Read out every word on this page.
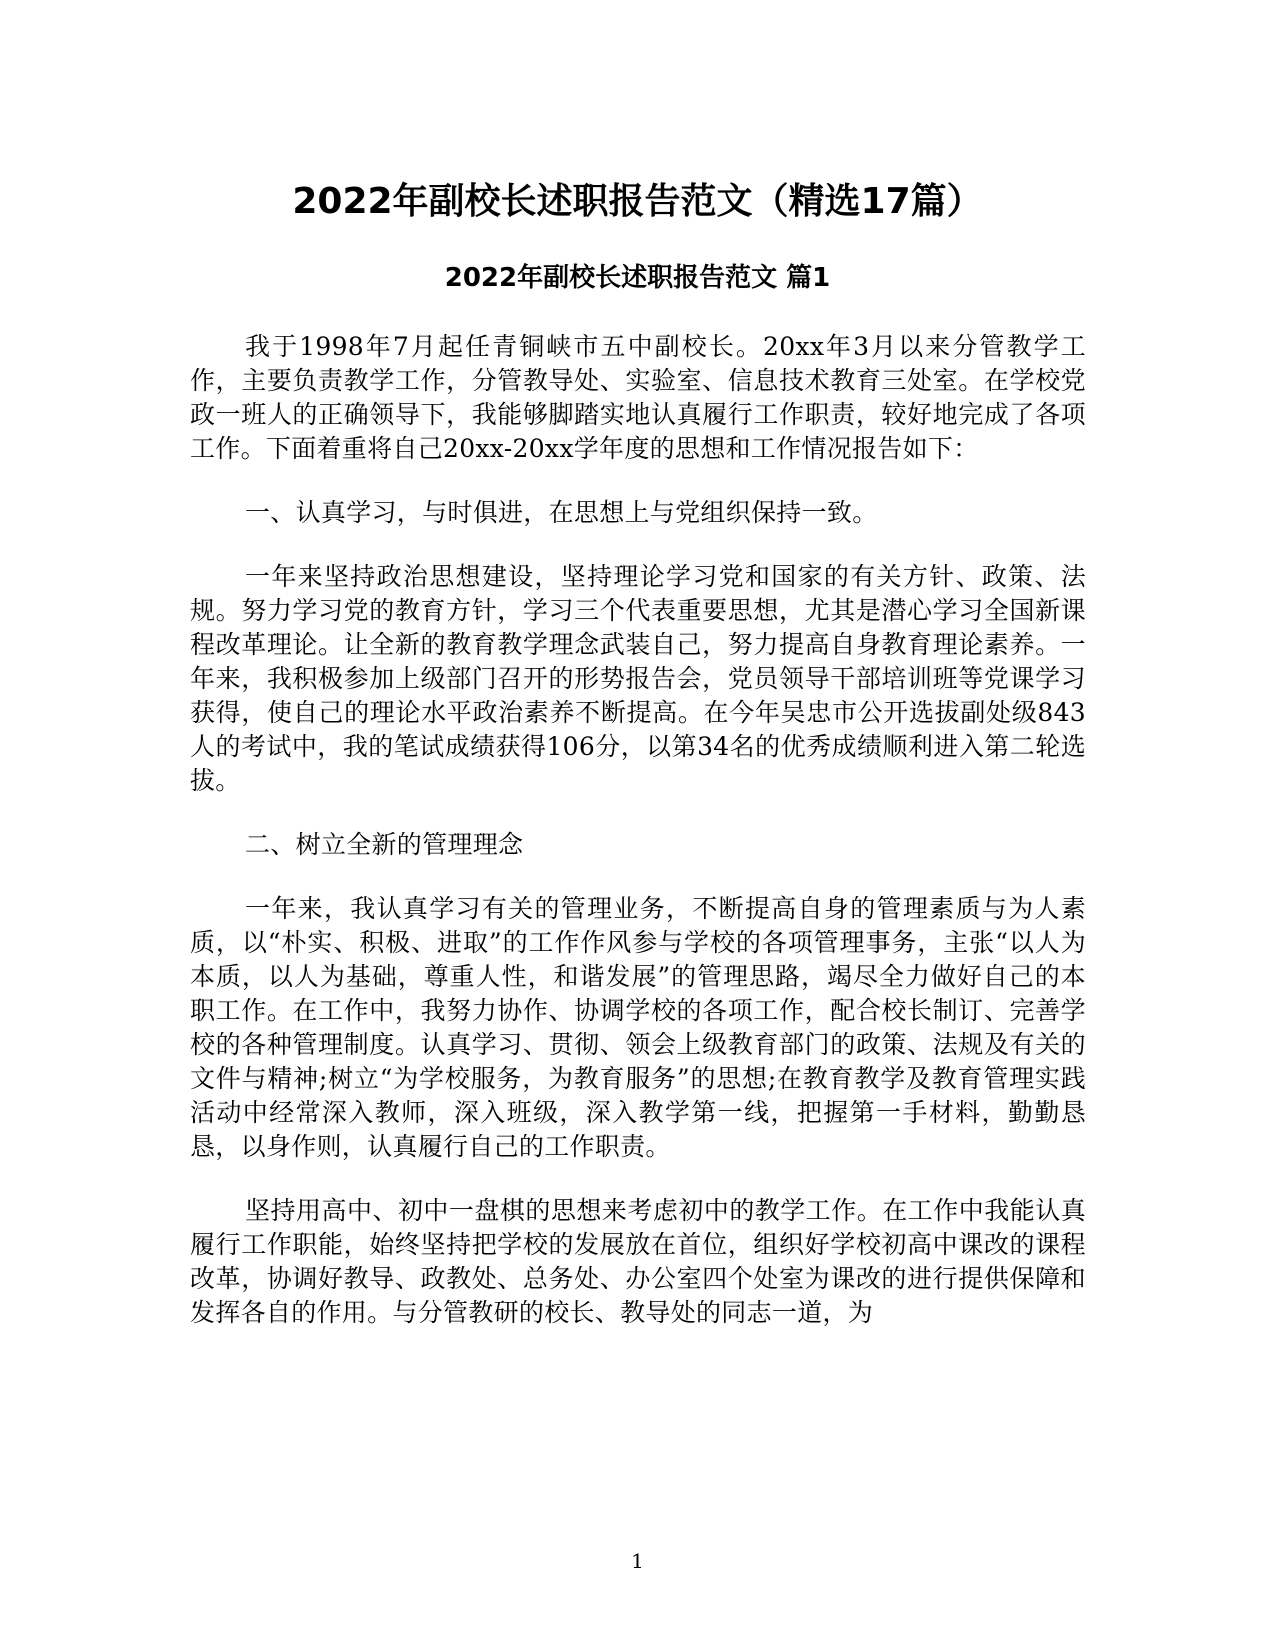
2022年副校长述职报告范文（精选17篇）
2022年副校长述职报告范文 篇1

我于1998年7月起任青铜峡市五中副校长。20xx年3月以来分管教学工作，主要负责教学工作，分管教导处、实验室、信息技术教育三处室。在学校党政一班人的正确领导下，我能够脚踏实地认真履行工作职责，较好地完成了各项工作。下面着重将自己20xx-20xx学年度的思想和工作情况报告如下：

一、认真学习，与时俱进，在思想上与党组织保持一致。

一年来坚持政治思想建设，坚持理论学习党和国家的有关方针、政策、法规。努力学习党的教育方针，学习三个代表重要思想，尤其是潜心学习全国新课程改革理论。让全新的教育教学理念武装自己，努力提高自身教育理论素养。一年来，我积极参加上级部门召开的形势报告会，党员领导干部培训班等党课学习获得，使自己的理论水平政治素养不断提高。在今年吴忠市公开选拔副处级843人的考试中，我的笔试成绩获得106分，以第34名的优秀成绩顺利进入第二轮选拔。

二、树立全新的管理理念

一年来，我认真学习有关的管理业务，不断提高自身的管理素质与为人素质，以“朴实、积极、进取”的工作作风参与学校的各项管理事务，主张“以人为本质，以人为基础，尊重人性，和谐发展”的管理思路，竭尽全力做好自己的本职工作。在工作中，我努力协作、协调学校的各项工作，配合校长制订、完善学校的各种管理制度。认真学习、贯彻、领会上级教育部门的政策、法规及有关的文件与精神;树立“为学校服务，为教育服务”的思想;在教育教学及教育管理实践活动中经常深入教师，深入班级，深入教学第一线，把握第一手材料，勤勤恳恳，以身作则，认真履行自己的工作职责。

坚持用高中、初中一盘棋的思想来考虑初中的教学工作。在工作中我能认真履行工作职能，始终坚持把学校的发展放在首位，组织好学校初高中课改的课程改革，协调好教导、政教处、总务处、办公室四个处室为课改的进行提供保障和发挥各自的作用。与分管教研的校长、教导处的同志一道，为

1
